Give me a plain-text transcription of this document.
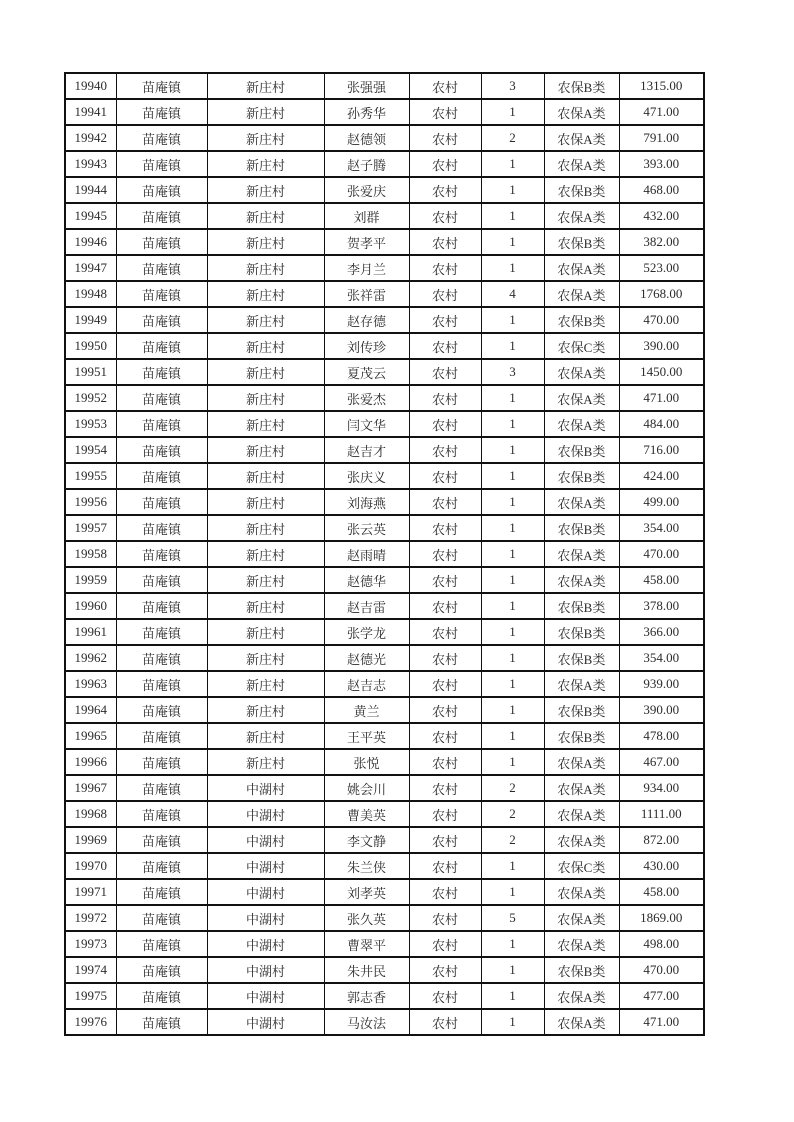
19940	苗庵镇	新庄村	张强强	农村	3	农保B类	1315.00
19941	苗庵镇	新庄村	孙秀华	农村	1	农保A类	471.00
19942	苗庵镇	新庄村	赵德领	农村	2	农保A类	791.00
19943	苗庵镇	新庄村	赵子腾	农村	1	农保A类	393.00
19944	苗庵镇	新庄村	张爱庆	农村	1	农保B类	468.00
19945	苗庵镇	新庄村	刘群	农村	1	农保A类	432.00
19946	苗庵镇	新庄村	贺孝平	农村	1	农保B类	382.00
19947	苗庵镇	新庄村	李月兰	农村	1	农保A类	523.00
19948	苗庵镇	新庄村	张祥雷	农村	4	农保A类	1768.00
19949	苗庵镇	新庄村	赵存德	农村	1	农保B类	470.00
19950	苗庵镇	新庄村	刘传珍	农村	1	农保C类	390.00
19951	苗庵镇	新庄村	夏茂云	农村	3	农保A类	1450.00
19952	苗庵镇	新庄村	张爱杰	农村	1	农保A类	471.00
19953	苗庵镇	新庄村	闫文华	农村	1	农保A类	484.00
19954	苗庵镇	新庄村	赵吉才	农村	1	农保B类	716.00
19955	苗庵镇	新庄村	张庆义	农村	1	农保B类	424.00
19956	苗庵镇	新庄村	刘海燕	农村	1	农保A类	499.00
19957	苗庵镇	新庄村	张云英	农村	1	农保B类	354.00
19958	苗庵镇	新庄村	赵雨晴	农村	1	农保A类	470.00
19959	苗庵镇	新庄村	赵德华	农村	1	农保A类	458.00
19960	苗庵镇	新庄村	赵吉雷	农村	1	农保B类	378.00
19961	苗庵镇	新庄村	张学龙	农村	1	农保B类	366.00
19962	苗庵镇	新庄村	赵德光	农村	1	农保B类	354.00
19963	苗庵镇	新庄村	赵吉志	农村	1	农保A类	939.00
19964	苗庵镇	新庄村	黄兰	农村	1	农保B类	390.00
19965	苗庵镇	新庄村	王平英	农村	1	农保B类	478.00
19966	苗庵镇	新庄村	张悦	农村	1	农保A类	467.00
19967	苗庵镇	中湖村	姚会川	农村	2	农保A类	934.00
19968	苗庵镇	中湖村	曹美英	农村	2	农保A类	1111.00
19969	苗庵镇	中湖村	李文静	农村	2	农保A类	872.00
19970	苗庵镇	中湖村	朱兰侠	农村	1	农保C类	430.00
19971	苗庵镇	中湖村	刘孝英	农村	1	农保A类	458.00
19972	苗庵镇	中湖村	张久英	农村	5	农保A类	1869.00
19973	苗庵镇	中湖村	曹翠平	农村	1	农保A类	498.00
19974	苗庵镇	中湖村	朱井民	农村	1	农保B类	470.00
19975	苗庵镇	中湖村	郭志香	农村	1	农保A类	477.00
19976	苗庵镇	中湖村	马汝法	农村	1	农保A类	471.00
